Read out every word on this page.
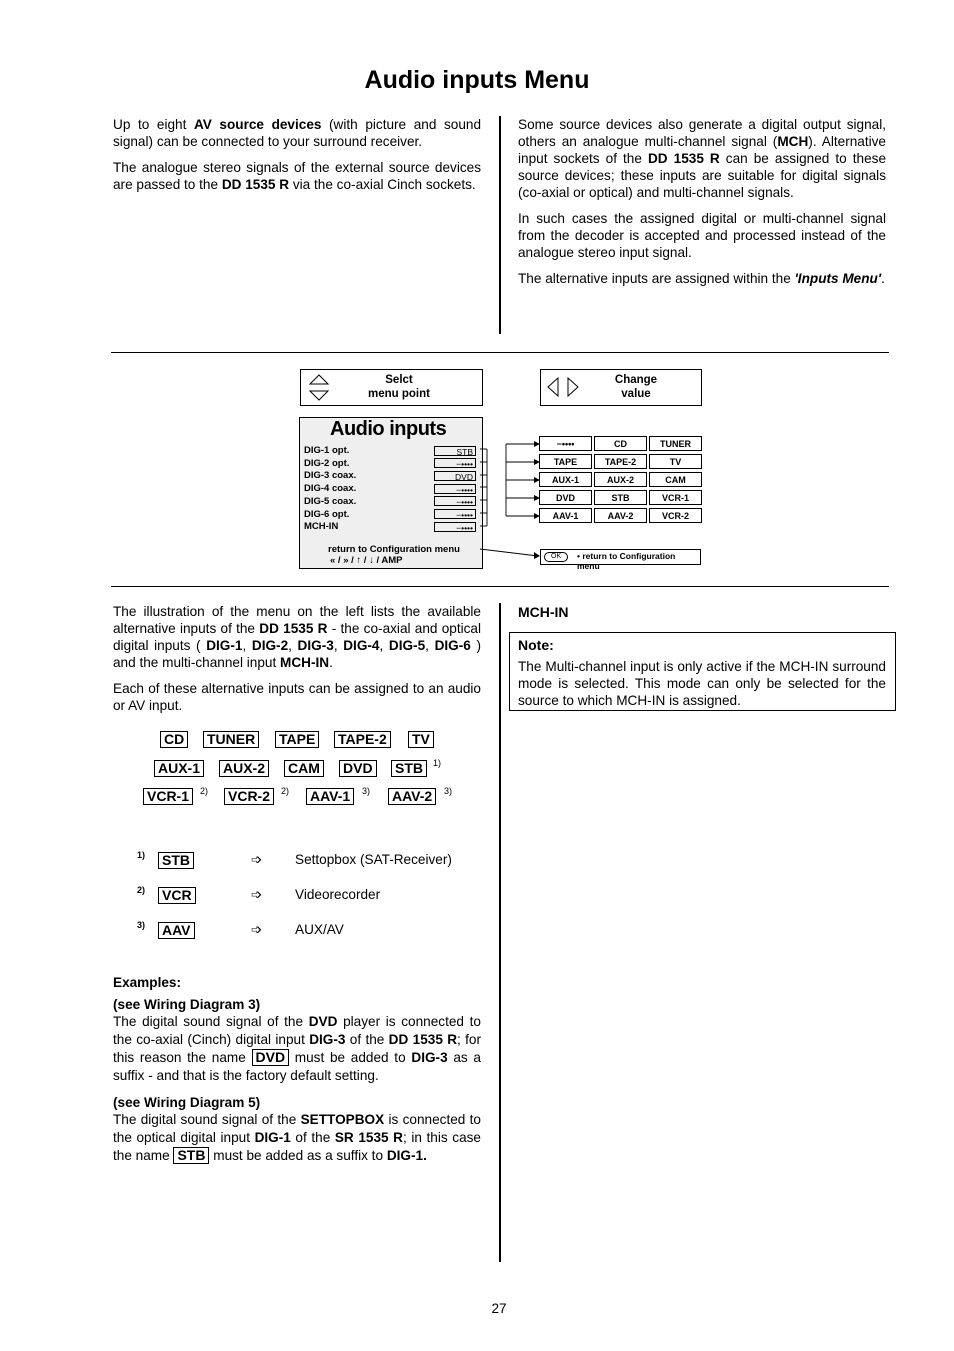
Audio inputs Menu

Up to eight AV source devices (with picture and sound signal) can be connected to your surround receiver.

The analogue stereo signals of the external source devices are passed to the DD 1535 R via the co-axial Cinch sockets.

Some source devices also generate a digital output signal, others an analogue multi-channel signal (MCH). Alternative input sockets of the DD 1535 R can be assigned to these source devices; these inputs are suitable for digital signals (co-axial or optical) and multi-channel signals.

In such cases the assigned digital or multi-channel signal from the decoder is accepted and processed instead of the analogue stereo input signal.

The alternative inputs are assigned within the 'Inputs Menu'.

Selct
menu point
Change
value
Audio inputs
DIG-1 opt.	STB
DIG-2 opt.	−••••
DIG-3 coax.	DVD
DIG-4 coax.	−••••
DIG-5 coax.	−••••
DIG-6 opt.	−••••
MCH-IN	−••••
return to Configuration menu
« / » / ↑ / ↓ / AMP
−••••	CD	TUNER
TAPE	TAPE-2	TV
AUX-1	AUX-2	CAM
DVD	STB	VCR-1
AAV-1	AAV-2	VCR-2
OK	• return to Configuration menu

The illustration of the menu on the left lists the available alternative inputs of the DD 1535 R - the co-axial and optical digital inputs ( DIG-1, DIG-2, DIG-3, DIG-4, DIG-5, DIG-6 ) and the multi-channel input MCH-IN.

Each of these alternative inputs can be assigned to an audio or AV input.

CD TUNER TAPE TAPE-2 TV
AUX-1 AUX-2 CAM DVD STB	1)
VCR-1	2) VCR-2	2) AAV-1	3) AAV-2	3)
1) STB	➩ Settopbox (SAT-Receiver)
2) VCR	➩ Videorecorder
3) AAV	➩ AUX/AV
Examples:
(see Wiring Diagram 3)

The digital sound signal of the DVD player is connected to the co-axial (Cinch) digital input DIG-3 of the DD 1535 R; for this reason the name DVD must be added to DIG-3 as a suffix - and that is the factory default setting.

(see Wiring Diagram 5)

The digital sound signal of the SETTOPBOX is connected to the optical digital input DIG-1 of the SR 1535 R; in this case the name STB must be added as a suffix to DIG-1.

MCH-IN
Note:
The Multi-channel input is only active if the MCH-IN surround mode is selected. This mode can only be selected for the source to which MCH-IN is assigned.
27
